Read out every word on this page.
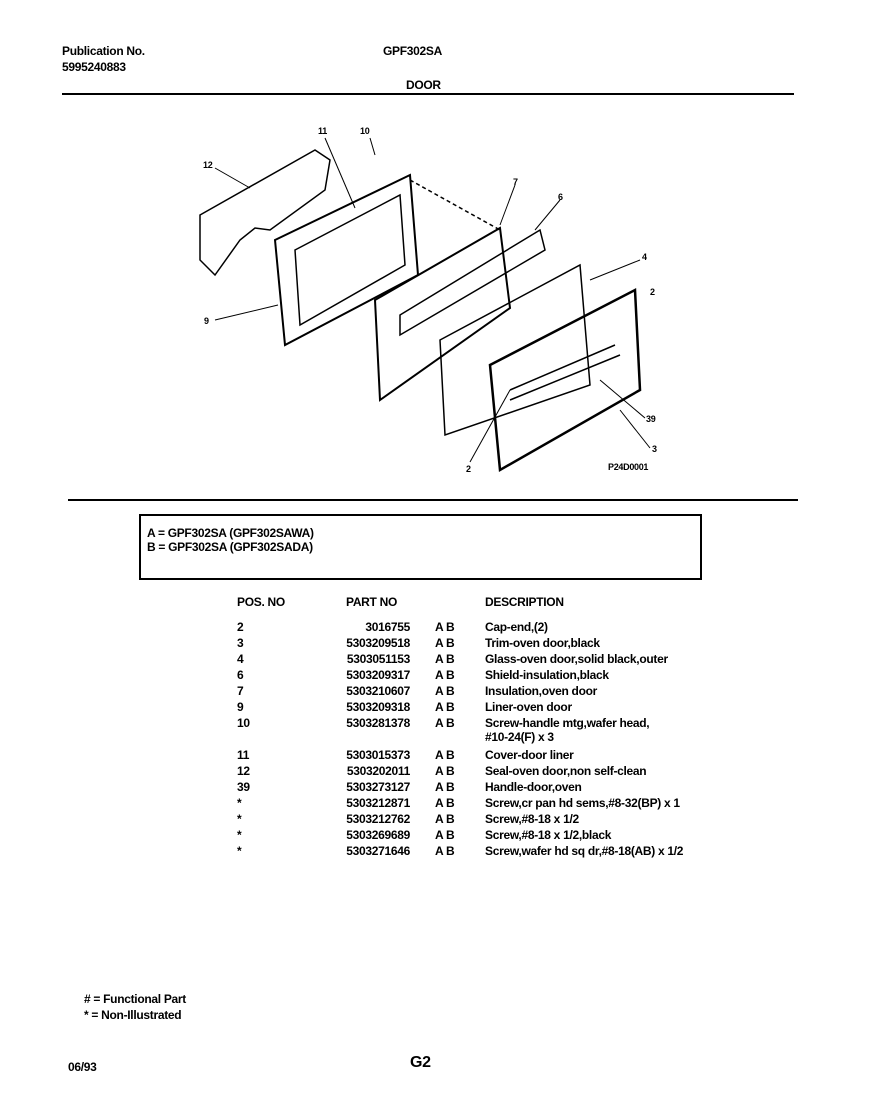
Publication No.
5995240883
GPF302SA
DOOR
12
11	10
7
6
4
2
9
39
3
2	P24D0001
A = GPF302SA (GPF302SAWA)
B = GPF302SA (GPF302SADA)
POS. NO	PART NO	DESCRIPTION
2	3016755 A B	Cap-end,(2)
3	5303209518 A B	Trim-oven door,black
4	5303051153 A B	Glass-oven door,solid black,outer
6	5303209317 A B	Shield-insulation,black
7	5303210607 A B	Insulation,oven door
9	5303209318 A B	Liner-oven door
10	5303281378 A B	Screw-handle mtg,wafer head,
#10-24(F) x 3
11	5303015373 A B	Cover-door liner
12	5303202011 A B	Seal-oven door,non self-clean
39	5303273127 A B	Handle-door,oven
*	5303212871 A B	Screw,cr pan hd sems,#8-32(BP) x 1
*	5303212762 A B	Screw,#8-18 x 1/2
*	5303269689 A B	Screw,#8-18 x 1/2,black
*	5303271646 A B	Screw,wafer hd sq dr,#8-18(AB) x 1/2
# = Functional Part
* = Non-Illustrated
06/93	G2
